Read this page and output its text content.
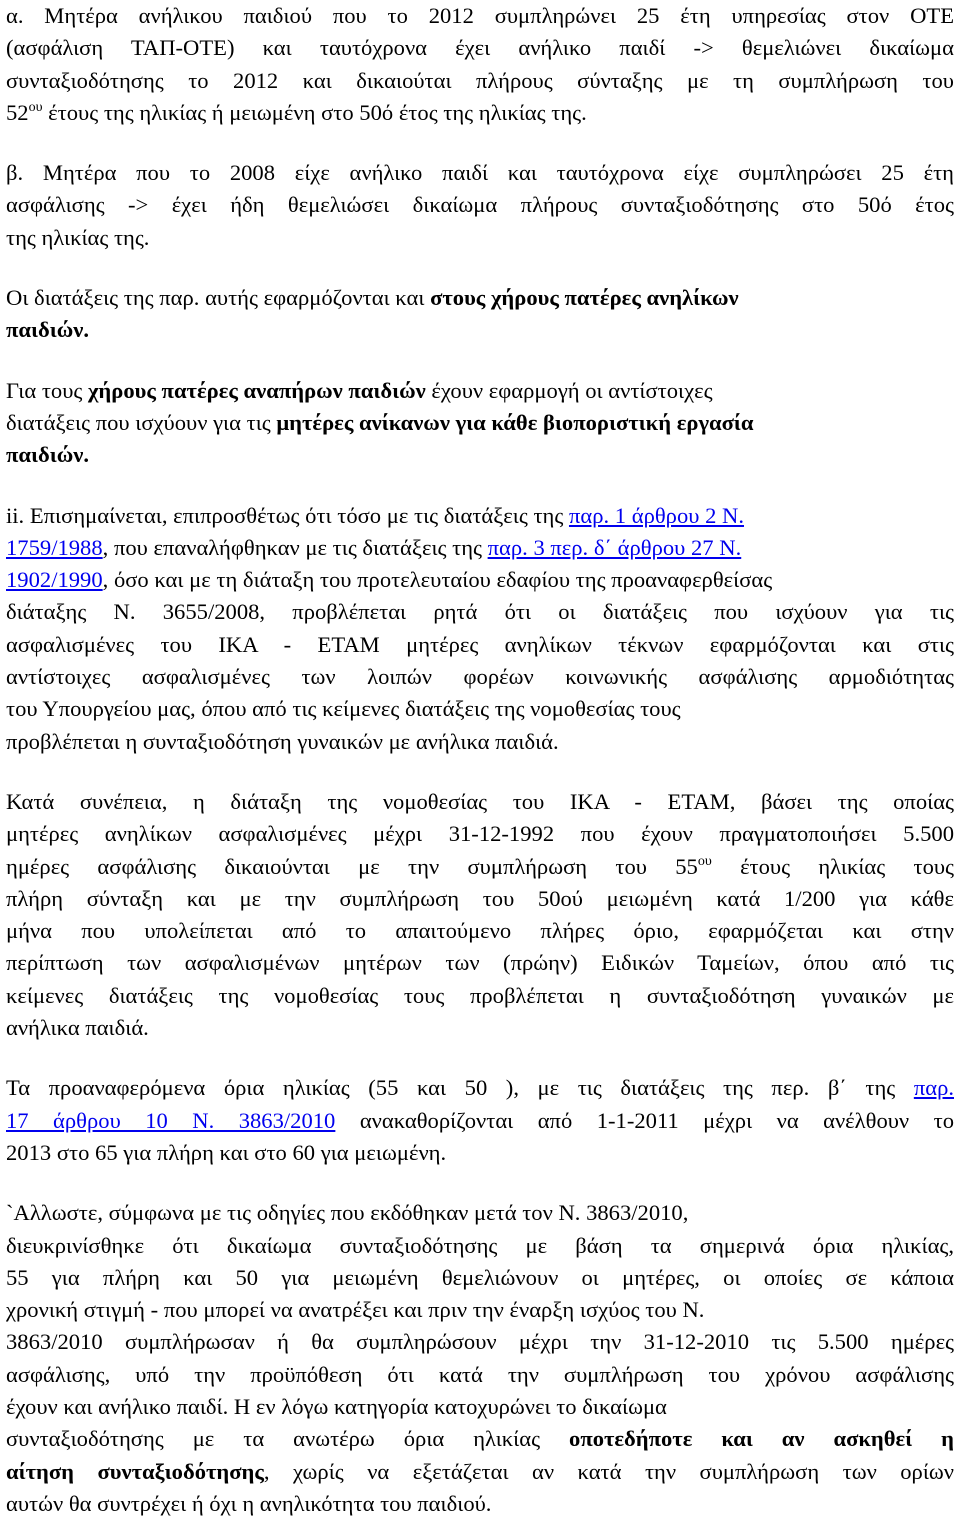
α. Μητέρα ανήλικου παιδιού που το 2012 συμπληρώνει 25 έτη υπηρεσίας στον ΟΤΕ
(ασφάλιση ΤΑΠ-ΟΤΕ) και ταυτόχρονα έχει ανήλικο παιδί -> θεμελιώνει δικαίωμα
συνταξιοδότησης το 2012 και δικαιούται πλήρους σύνταξης με τη συμπλήρωση του
$52^{o\upsilon}$ έτους της ηλικίας ή μειωμένη στο 50ό έτος της ηλικίας της.
β. Μητέρα που το 2008 είχε ανήλικο παιδί και ταυτόχρονα είχε συμπληρώσει 25 έτη
ασφάλισης -> έχει ήδη θεμελιώσει δικαίωμα πλήρους συνταξιοδότησης στο 50ό έτος
της ηλικίας της.
Οι διατάξεις της παρ. αυτής εφαρμόζονται και στους χήρους πατέρες ανηλίκων
παιδιών.
Για τους χήρους πατέρες αναπήρων παιδιών έχουν εφαρμογή οι αντίστοιχες
διατάξεις που ισχύουν για τις μητέρες ανίκανων για κάθε βιοποριστική εργασία
παιδιών.
ii. Επισημαίνεται, επιπροσθέτως ότι τόσο με τις διατάξεις της παρ. 1 άρθρου 2 Ν.
1759/1988, που επαναλήφθηκαν με τις διατάξεις της παρ. 3 περ. δ΄ άρθρου 27 Ν.
1902/1990, όσο και με τη διάταξη του προτελευταίου εδαφίου της προαναφερθείσας
διάταξης Ν. 3655/2008, προβλέπεται ρητά ότι οι διατάξεις που ισχύουν για τις
ασφαλισμένες του ΙΚΑ - ΕΤΑΜ μητέρες ανηλίκων τέκνων εφαρμόζονται και στις
αντίστοιχες ασφαλισμένες των λοιπών φορέων κοινωνικής ασφάλισης αρμοδιότητας
του Υπουργείου μας, όπου από τις κείμενες διατάξεις της νομοθεσίας τους
προβλέπεται η συνταξιοδότηση γυναικών με ανήλικα παιδιά.
Κατά συνέπεια, η διάταξη της νομοθεσίας του ΙΚΑ - ΕΤΑΜ, βάσει της οποίας
μητέρες ανηλίκων ασφαλισμένες μέχρι 31-12-1992 που έχουν πραγματοποιήσει 5.500
ημέρες ασφάλισης δικαιούνται με την συμπλήρωση του $55^{o\upsilon}$ έτους ηλικίας τους
πλήρη σύνταξη και με την συμπλήρωση του 50ού μειωμένη κατά 1/200 για κάθε
μήνα που υπολείπεται από το απαιτούμενο πλήρες όριο, εφαρμόζεται και στην
περίπτωση των ασφαλισμένων μητέρων των (πρώην) Ειδικών Ταμείων, όπου από τις
κείμενες διατάξεις της νομοθεσίας τους προβλέπεται η συνταξιοδότηση γυναικών με
ανήλικα παιδιά.
Τα προαναφερόμενα όρια ηλικίας (55 και 50 ), με τις διατάξεις της περ. β΄ της παρ.
17 άρθρου 10 Ν. 3863/2010 ανακαθορίζονται από 1-1-2011 μέχρι να ανέλθουν το
2013 στο 65 για πλήρη και στο 60 για μειωμένη.
`Αλλωστε, σύμφωνα με τις οδηγίες που εκδόθηκαν μετά τον Ν. 3863/2010,
διευκρινίσθηκε ότι δικαίωμα συνταξιοδότησης με βάση τα σημερινά όρια ηλικίας,
55 για πλήρη και 50 για μειωμένη θεμελιώνουν οι μητέρες, οι οποίες σε κάποια
χρονική στιγμή - που μπορεί να ανατρέξει και πριν την έναρξη ισχύος του Ν.
3863/2010 συμπλήρωσαν ή θα συμπληρώσουν μέχρι την 31-12-2010 τις 5.500 ημέρες
ασφάλισης, υπό την προϋπόθεση ότι κατά την συμπλήρωση του χρόνου ασφάλισης
έχουν και ανήλικο παιδί. Η εν λόγω κατηγορία κατοχυρώνει το δικαίωμα
συνταξιοδότησης με τα ανωτέρω όρια ηλικίας οποτεδήποτε και αν ασκηθεί η
αίτηση συνταξιοδότησης, χωρίς να εξετάζεται αν κατά την συμπλήρωση των ορίων
αυτών θα συντρέχει ή όχι η ανηλικότητα του παιδιού.
